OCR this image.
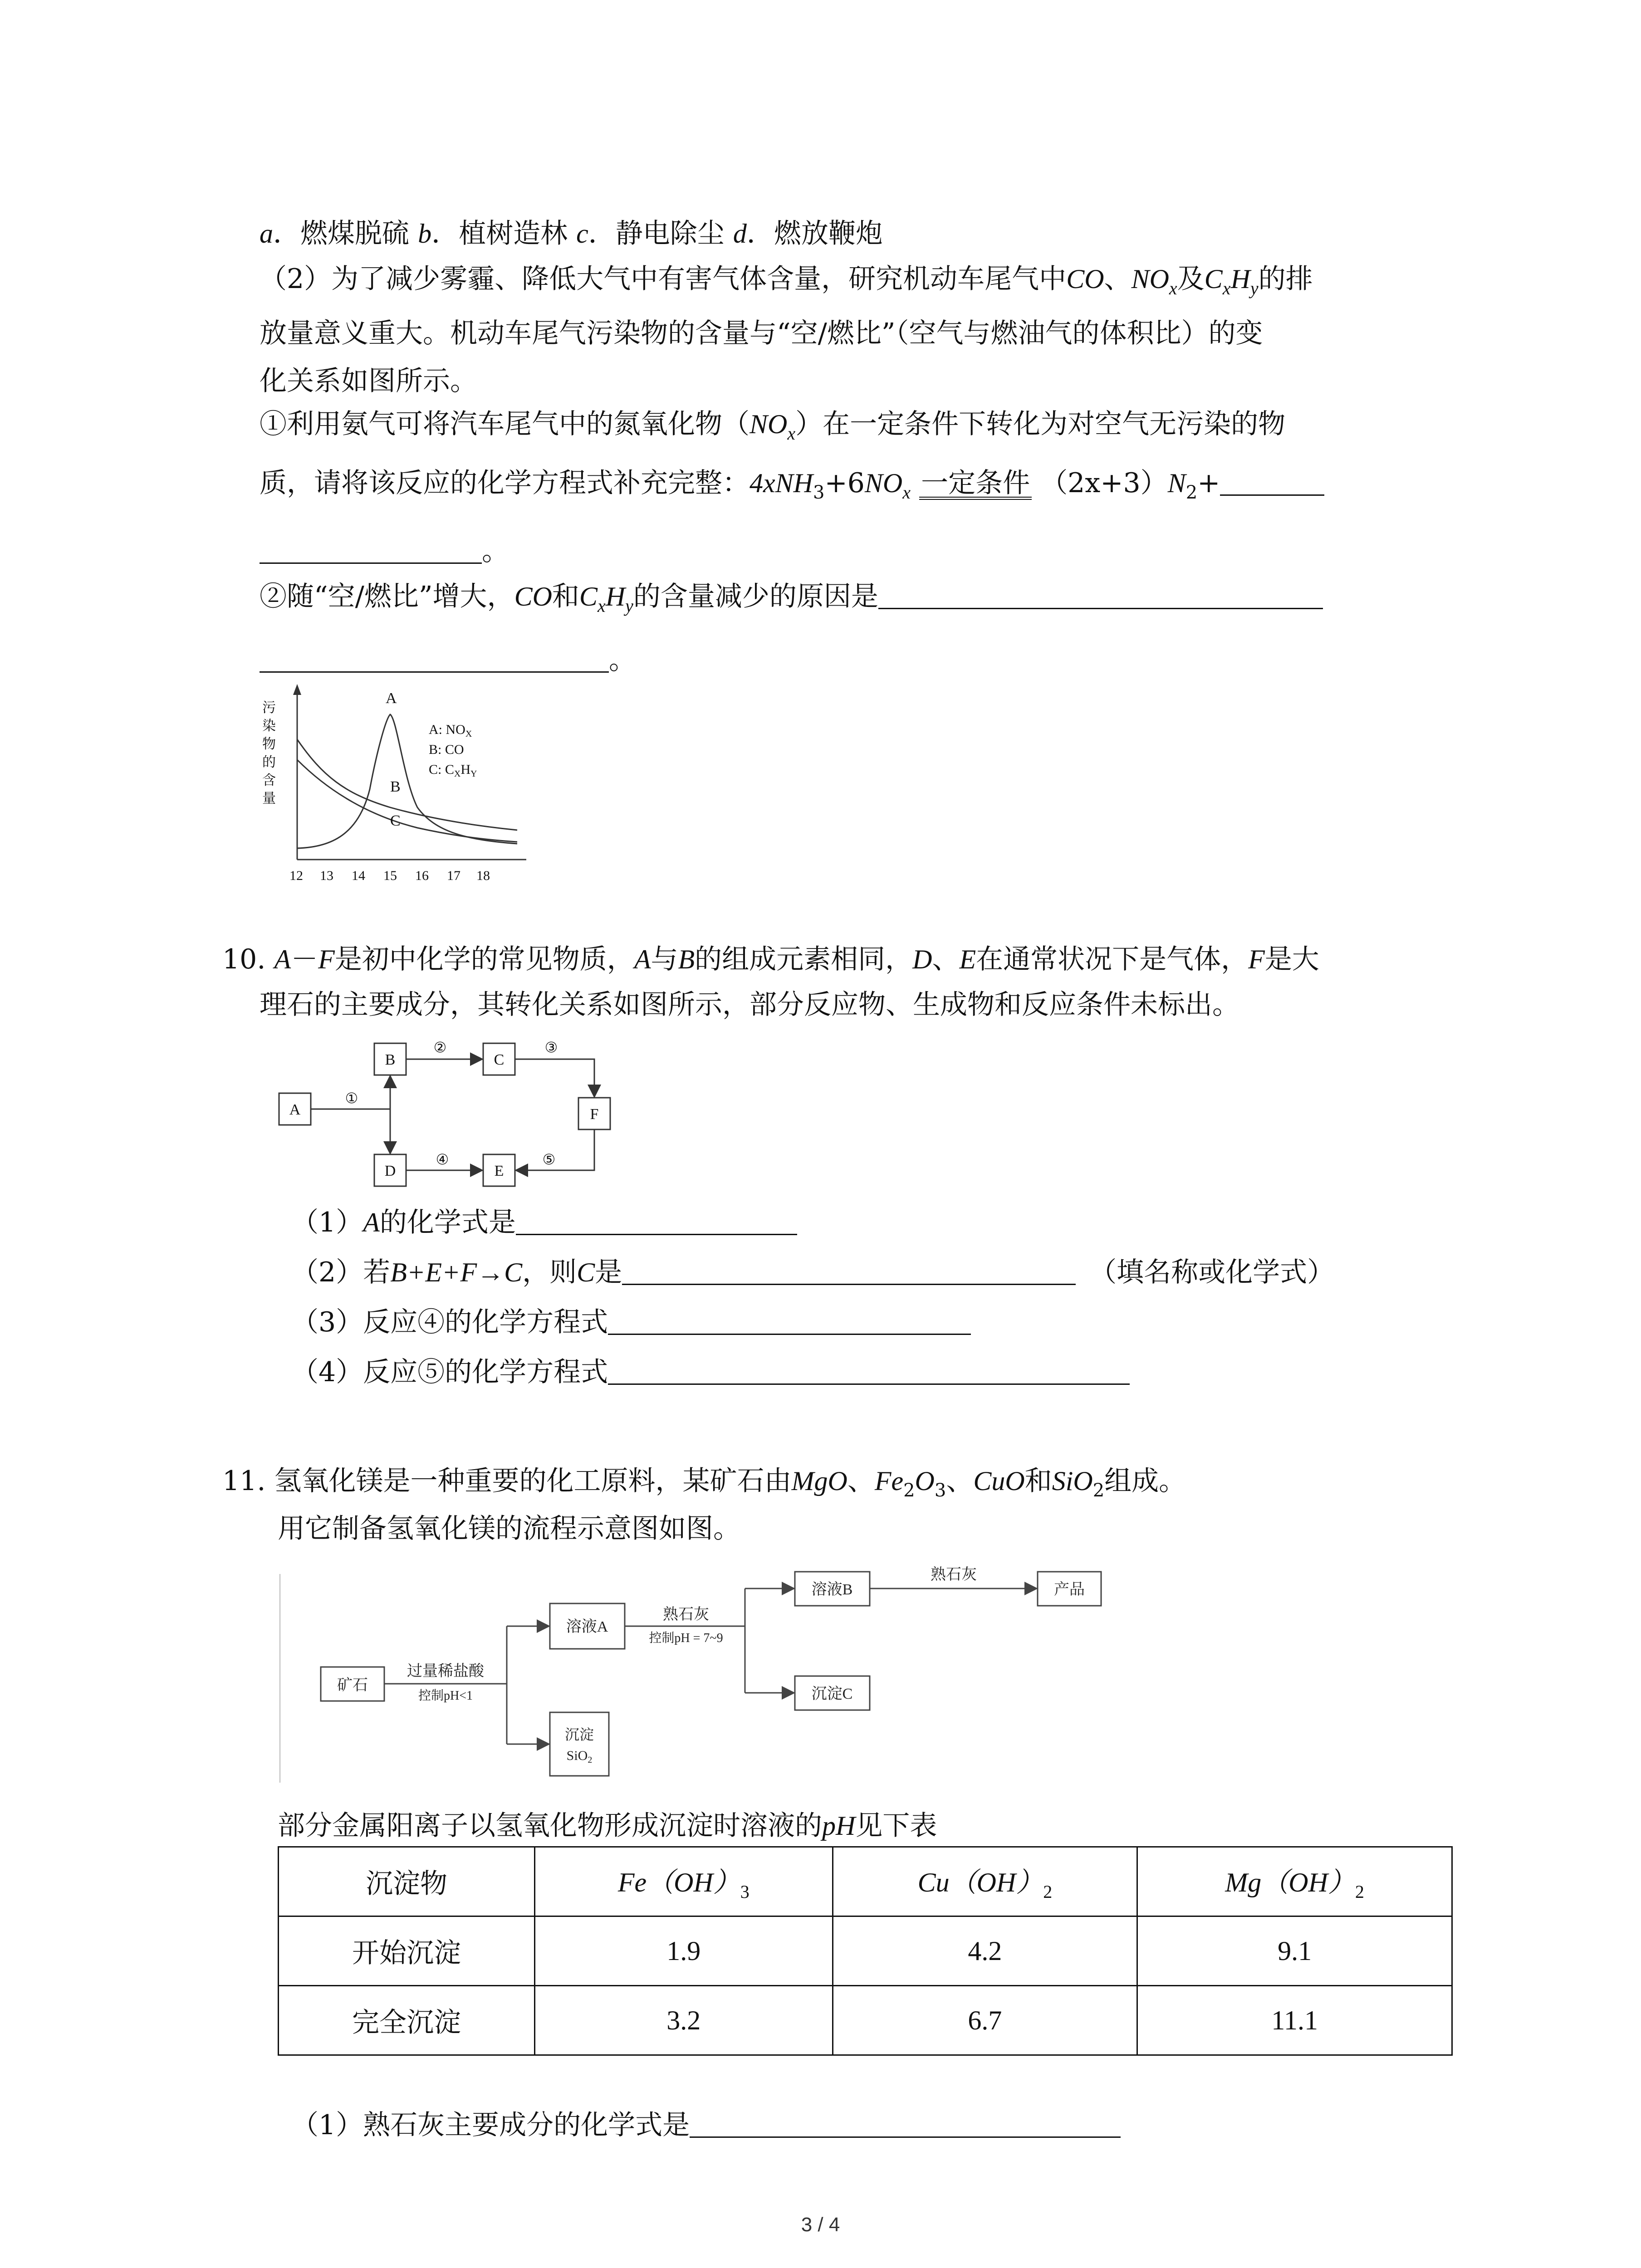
a．燃煤脱硫 b．植树造林 c．静电除尘 d．燃放鞭炮
（2）为了减少雾霾、降低大气中有害气体含量，研究机动车尾气中CO、$NO_x$及$C_xH_y$的排
放量意义重大。机动车尾气污染物的含量与“空/燃比”（空气与燃油气的体积比）的变
化关系如图所示。
①利用氨气可将汽车尾气中的氮氧化物$(NO_x)$在一定条件下转化为对空气无污染的物
质，请将该反应的化学方程式补充完整：$4xNH_3+6NO_x$ 一定条件 $(2x+3)N_2+$
。
②随“空/燃比”增大，CO和$C_xH_y$的含量减少的原因是
。
污
染
物
的
含
量
A
B
C
A: $NO_X$
B: CO
C: $C_XH_Y$
12 13 14 15 16 17 18
10. A－F是初中化学的常见物质，A与B的组成元素相同，D、E在通常状况下是气体，F是大
理石的主要成分，其转化关系如图所示，部分反应物、生成物和反应条件未标出。
A
B	C
F
D	E
①
②	③
④	⑤
（1）A的化学式是
（2）若B+E+F→C，则C是	（填名称或化学式）
（3）反应④的化学方程式
（4）反应⑤的化学方程式
11. 氢氧化镁是一种重要的化工原料，某矿石由MgO、$Fe_2O_3$、CuO和SiO$_2$组成。
用它制备氢氧化镁的流程示意图如图。
矿石
过量稀盐酸
控制pH<1
溶液A
沉淀
SiO$_2$
熟石灰
控制pH = 7~9
溶液B
熟石灰
产品
沉淀C
部分金属阳离子以氢氧化物形成沉淀时溶液的pH见下表
沉淀物	$Fe(OH)_3$	$Cu(OH)_2$	$Mg(OH)_2$
开始沉淀	1.9	4.2	9.1
完全沉淀	3.2	6.7	11.1
（1）熟石灰主要成分的化学式是
3 / 4
